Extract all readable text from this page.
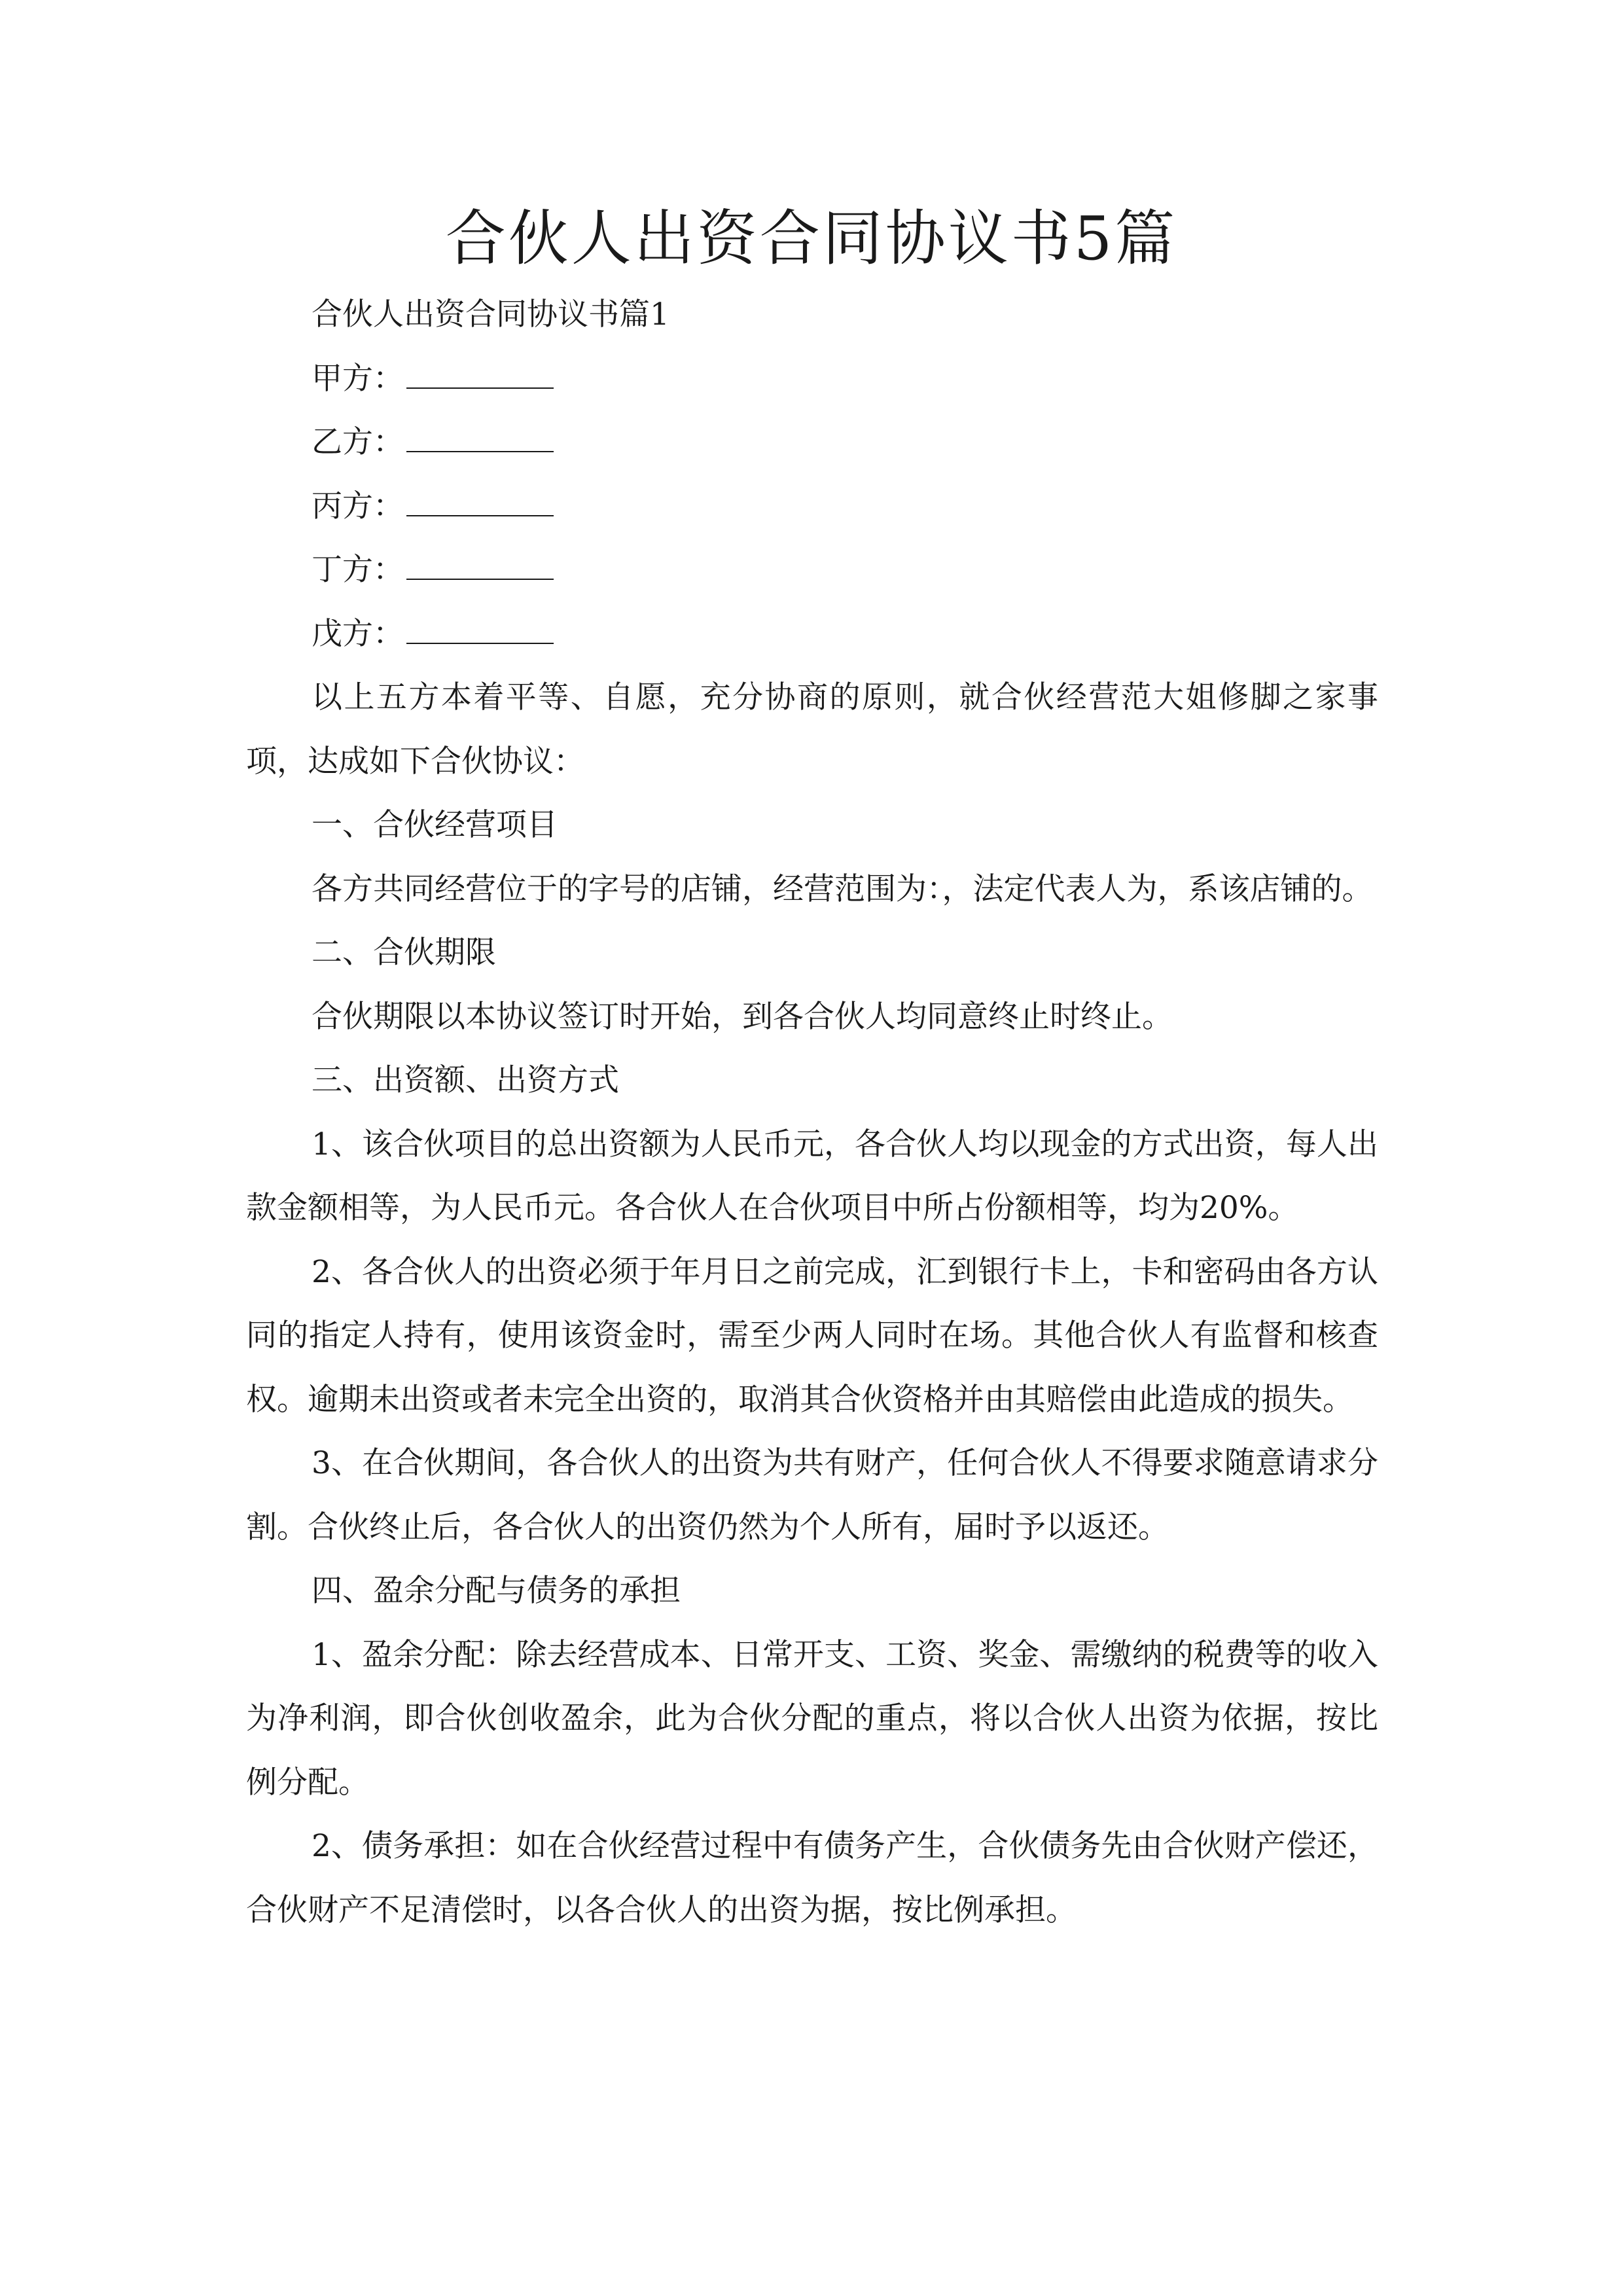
合伙人出资合同协议书5篇

合伙人出资合同协议书篇1

甲方：

乙方：

丙方：

丁方：

戊方：

以上五方本着平等、自愿，充分协商的原则，就合伙经营范大姐修脚之家事项，达成如下合伙协议：

一、合伙经营项目

各方共同经营位于的字号的店铺，经营范围为：，法定代表人为，系该店铺的。

二、合伙期限

合伙期限以本协议签订时开始，到各合伙人均同意终止时终止。

三、出资额、出资方式

1、该合伙项目的总出资额为人民币元，各合伙人均以现金的方式出资，每人出款金额相等，为人民币元。各合伙人在合伙项目中所占份额相等，均为20%。

2、各合伙人的出资必须于年月日之前完成，汇到银行卡上，卡和密码由各方认同的指定人持有，使用该资金时，需至少两人同时在场。其他合伙人有监督和核查权。逾期未出资或者未完全出资的，取消其合伙资格并由其赔偿由此造成的损失。

3、在合伙期间，各合伙人的出资为共有财产，任何合伙人不得要求随意请求分割。合伙终止后，各合伙人的出资仍然为个人所有，届时予以返还。

四、盈余分配与债务的承担

1、盈余分配：除去经营成本、日常开支、工资、奖金、需缴纳的税费等的收入为净利润，即合伙创收盈余，此为合伙分配的重点，将以合伙人出资为依据，按比例分配。

2、债务承担：如在合伙经营过程中有债务产生，合伙债务先由合伙财产偿还，合伙财产不足清偿时，以各合伙人的出资为据，按比例承担。
